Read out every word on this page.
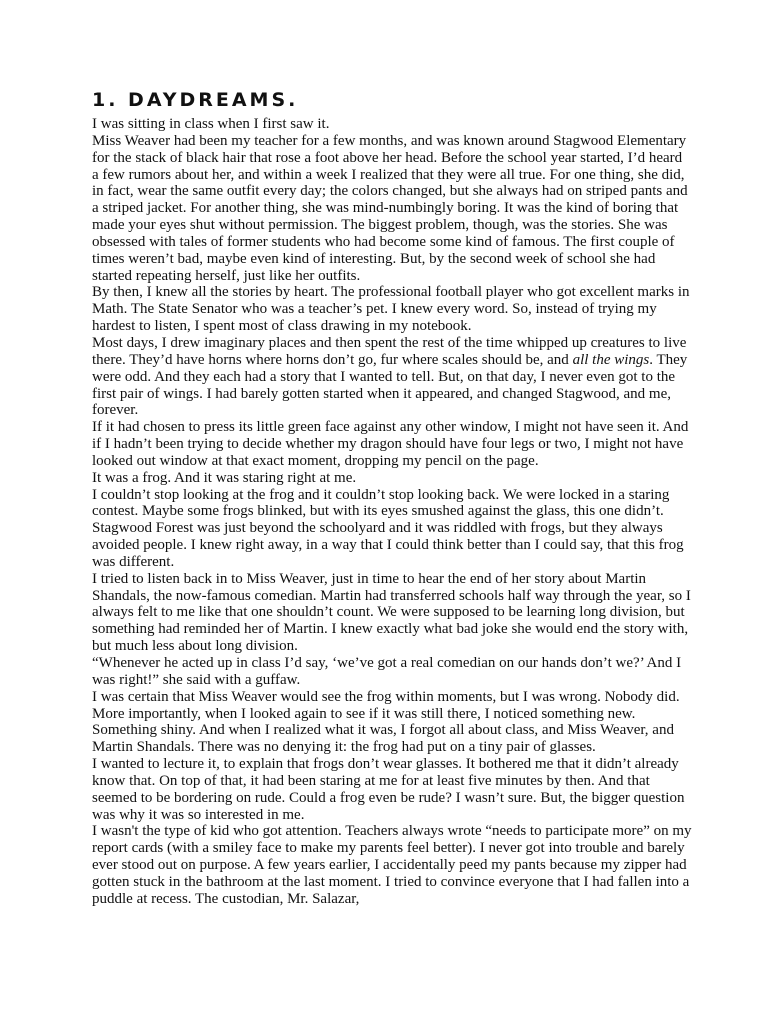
1. DAYDREAMS.

I was sitting in class when I first saw it.

Miss Weaver had been my teacher for a few months, and was known around Stagwood Elementary for the stack of black hair that rose a foot above her head. Before the school year started, I’d heard a few rumors about her, and within a week I realized that they were all true. For one thing, she did, in fact, wear the same outfit every day; the colors changed, but she always had on striped pants and a striped jacket. For another thing, she was mind-numbingly boring. It was the kind of boring that made your eyes shut without permission. The biggest problem, though, was the stories. She was obsessed with tales of former students who had become some kind of famous. The first couple of times weren’t bad, maybe even kind of interesting. But, by the second week of school she had started repeating herself, just like her outfits.

By then, I knew all the stories by heart. The professional football player who got excellent marks in Math. The State Senator who was a teacher’s pet. I knew every word. So, instead of trying my hardest to listen, I spent most of class drawing in my notebook.

Most days, I drew imaginary places and then spent the rest of the time whipped up creatures to live there. They’d have horns where horns don’t go, fur where scales should be, and all the wings. They were odd. And they each had a story that I wanted to tell. But, on that day, I never even got to the first pair of wings. I had barely gotten started when it appeared, and changed Stagwood, and me, forever.

If it had chosen to press its little green face against any other window, I might not have seen it. And if I hadn’t been trying to decide whether my dragon should have four legs or two, I might not have looked out window at that exact moment, dropping my pencil on the page.

It was a frog. And it was staring right at me.

I couldn’t stop looking at the frog and it couldn’t stop looking back. We were locked in a staring contest. Maybe some frogs blinked, but with its eyes smushed against the glass, this one didn’t. Stagwood Forest was just beyond the schoolyard and it was riddled with frogs, but they always avoided people. I knew right away, in a way that I could think better than I could say, that this frog was different.

I tried to listen back in to Miss Weaver, just in time to hear the end of her story about Martin Shandals, the now-famous comedian. Martin had transferred schools half way through the year, so I always felt to me like that one shouldn’t count. We were supposed to be learning long division, but something had reminded her of Martin. I knew exactly what bad joke she would end the story with, but much less about long division.

“Whenever he acted up in class I’d say, ‘we’ve got a real comedian on our hands don’t we?’ And I was right!” she said with a guffaw.

I was certain that Miss Weaver would see the frog within moments, but I was wrong. Nobody did. More importantly, when I looked again to see if it was still there, I noticed something new. Something shiny. And when I realized what it was, I forgot all about class, and Miss Weaver, and Martin Shandals. There was no denying it: the frog had put on a tiny pair of glasses.

I wanted to lecture it, to explain that frogs don’t wear glasses. It bothered me that it didn’t already know that. On top of that, it had been staring at me for at least five minutes by then. And that seemed to be bordering on rude. Could a frog even be rude? I wasn’t sure. But, the bigger question was why it was so interested in me.

I wasn't the type of kid who got attention. Teachers always wrote “needs to participate more” on my report cards (with a smiley face to make my parents feel better). I never got into trouble and barely ever stood out on purpose. A few years earlier, I accidentally peed my pants because my zipper had gotten stuck in the bathroom at the last moment. I tried to convince everyone that I had fallen into a puddle at recess. The custodian, Mr. Salazar,
